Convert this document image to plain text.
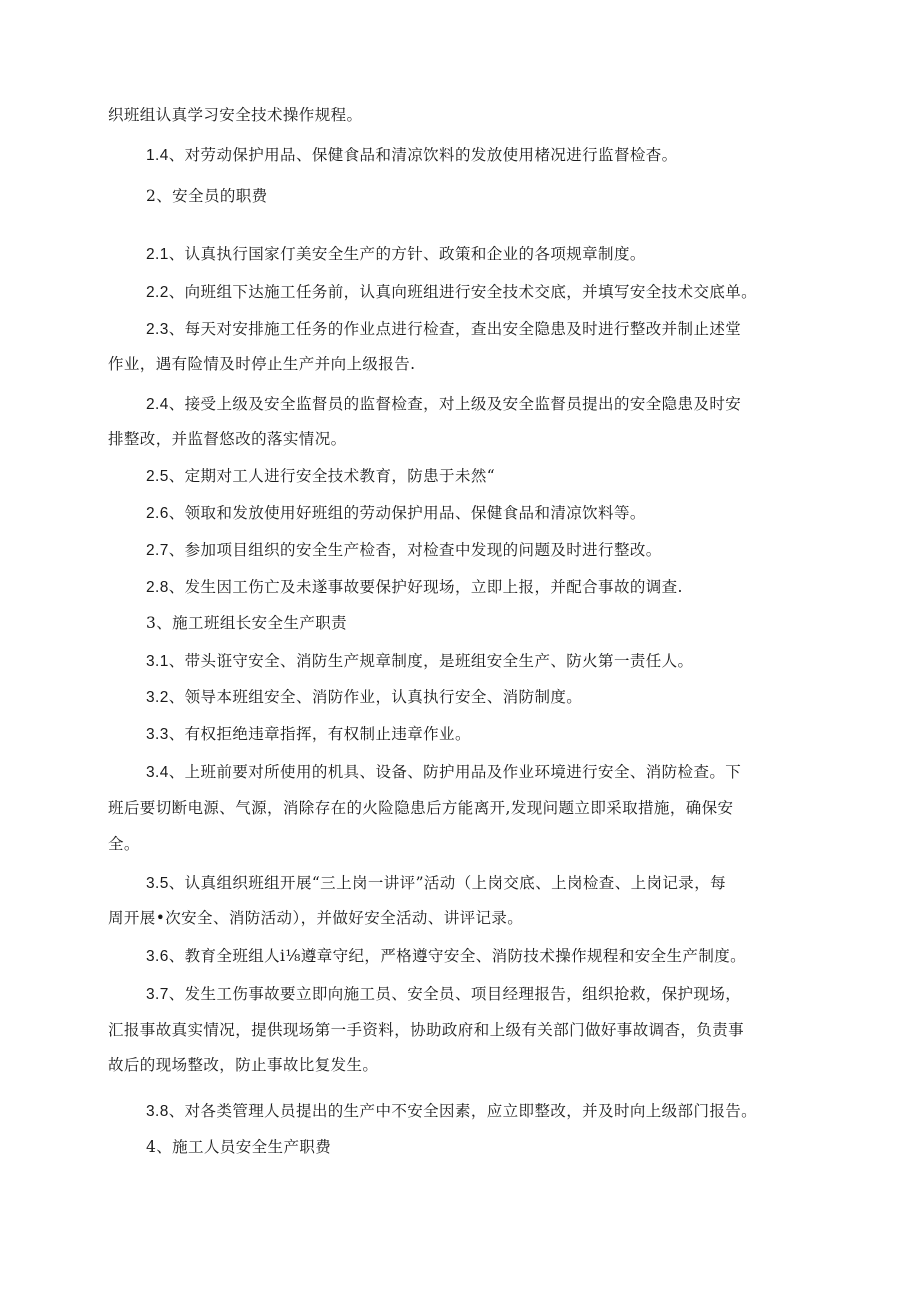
织班组认真学习安全技术操作规程。
1.4、对劳动保护用品、保健食品和清凉饮料的发放使用楮况进行监督检杳。
2、安全员的职费
2.1、认真执行国家仃美安全生产的方针、政策和企业的各项规章制度。
2.2、向班组下达施工任务前，认真向班组进行安全技术交底，并填写安全技术交底单。
2.3、每天对安排施工任务的作业点进行检查，查出安全隐患及时进行整改并制止述堂
作业，遇有险情及时停止生产并向上级报告.
2.4、接受上级及安全监督员的监督检查，对上级及安全监督员提出的安全隐患及时安
排整改，并监督悠改的落实情况。
2.5、定期对工人进行安全技术教育，防患于未然“
2.6、领取和发放使用好班组的劳动保护用品、保健食品和清凉饮料等。
2.7、参加项目组织的安全生产检杳，对检查中发现的问题及时进行整改。
2.8、发生因工伤亡及未遂事故要保护好现场，立即上报，并配合事故的调查.
3、施工班组长安全生产职责
3.1、带头诳守安全、消防生产规章制度，是班组安全生产、防火第一责任人。
3.2、领导本班组安全、消防作业，认真执行安全、消防制度。
3.3、有权拒绝违章指挥，有权制止违章作业。
3.4、上班前要对所使用的机具、设备、防护用品及作业环境进行安全、消防检查。下
班后要切断电源、气源，消除存在的火险隐患后方能离开,发现问题立即采取措施，确保安
全。
3.5、认真组织班组开展“三上岗一讲评”活动（上岗交底、上岗检查、上岗记录，每
周开展•次安全、消防活动），并做好安全活动、讲评记录。
3.6、教育全班组人i⅛遵章守纪，严格遵守安全、消防技术操作规程和安全生产制度。
3.7、发生工伤事故要立即向施工员、安全员、项目经理报告，组织抢救，保护现场，
汇报事故真实情况，提供现场第一手资料，协助政府和上级有关部门做好事故调杳，负责事
故后的现场整改，防止事故比复发生。
3.8、对各类管理人员提出的生产中不安全因素，应立即整改，并及时向上级部门报告。
4、施工人员安全生产职费
